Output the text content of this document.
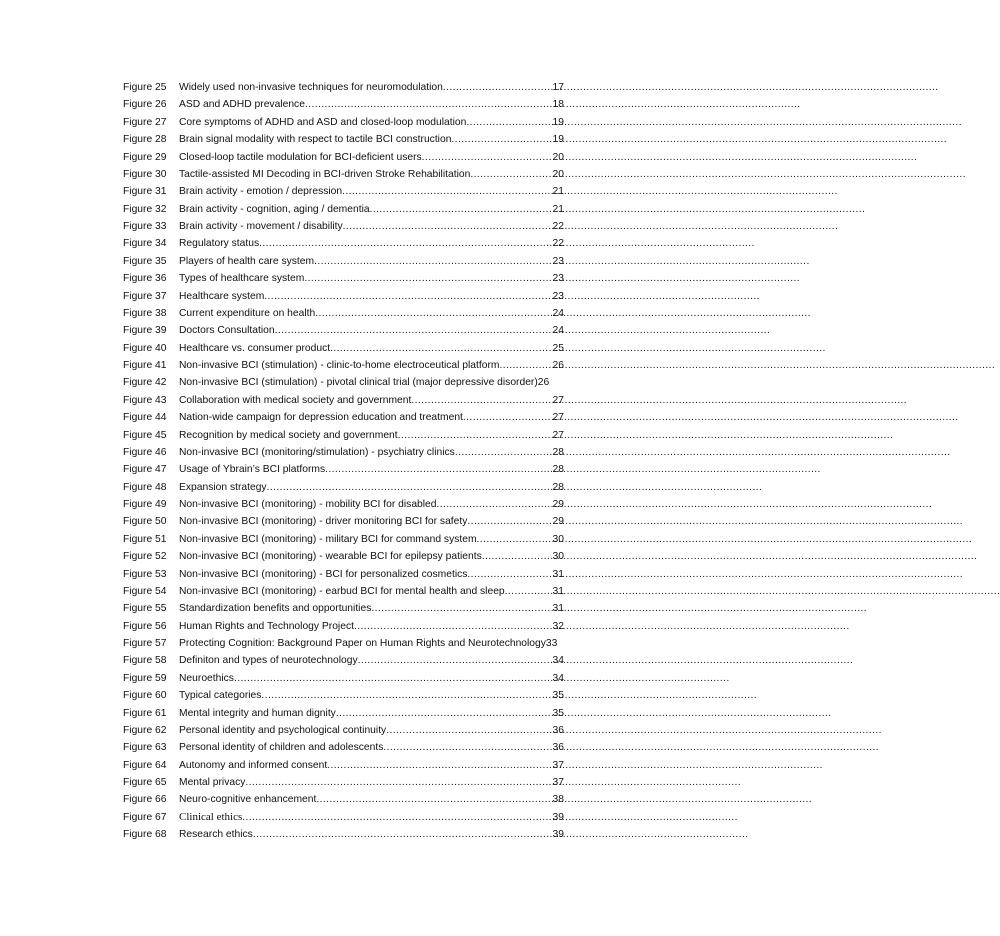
Figure 25	Widely used non-invasive techniques for neuromodulation .....	17
Figure 26	ASD and ADHD prevalence .....	18
Figure 27	Core symptoms of ADHD and ASD and closed-loop modulation .....	19
Figure 28	Brain signal modality with respect to tactile BCI construction .....	19
Figure 29	Closed-loop tactile modulation for BCI-deficient users .....	20
Figure 30	Tactile-assisted MI Decoding in BCI-driven Stroke Rehabilitation .....	20
Figure 31	Brain activity - emotion / depression .....	21
Figure 32	Brain activity - cognition, aging / dementia .....	21
Figure 33	Brain activity - movement / disability .....	22
Figure 34	Regulatory status .....	22
Figure 35	Players of health care system .....	23
Figure 36	Types of healthcare system .....	23
Figure 37	Healthcare system .....	23
Figure 38	Current expenditure on health .....	24
Figure 39	Doctors Consultation .....	24
Figure 40	Healthcare vs. consumer product .....	25
Figure 41	Non-invasive BCI (stimulation) - clinic-to-home electroceutical platform .....	26
Figure 42	Non-invasive BCI (stimulation) - pivotal clinical trial (major depressive disorder) 26
Figure 43	Collaboration with medical society and government .....	27
Figure 44	Nation-wide campaign for depression education and treatment .....	27
Figure 45	Recognition by medical society and government .....	27
Figure 46	Non-invasive BCI (monitoring/stimulation) - psychiatry clinics .....	28
Figure 47	Usage of Ybrain’s BCI platforms .....	28
Figure 48	Expansion strategy .....	28
Figure 49	Non-invasive BCI (monitoring) - mobility BCI for disabled .....	29
Figure 50	Non-invasive BCI (monitoring) - driver monitoring BCI for safety .....	29
Figure 51	Non-invasive BCI (monitoring) - military BCI for command system .....	30
Figure 52	Non-invasive BCI (monitoring) - wearable BCI for epilepsy patients .....	30
Figure 53	Non-invasive BCI (monitoring) - BCI for personalized cosmetics .....	31
Figure 54	Non-invasive BCI (monitoring) - earbud BCI for mental health and sleep .....	31
Figure 55	Standardization benefits and opportunities .....	31
Figure 56	Human Rights and Technology Project .....	32
Figure 57	Protecting Cognition: Background Paper on Human Rights and Neurotechnology 33
Figure 58	Definiton and types of neurotechnology .....	34
Figure 59	Neuroethics .....	34
Figure 60	Typical categories .....	35
Figure 61	Mental integrity and human dignity .....	35
Figure 62	Personal identity and psychological continuity .....	36
Figure 63	Personal identity of children and adolescents .....	36
Figure 64	Autonomy and informed consent .....	37
Figure 65	Mental privacy .....	37
Figure 66	Neuro-cognitive enhancement .....	38
Figure 67	Clinical ethics .....	39
Figure 68	Research ethics .....	39
